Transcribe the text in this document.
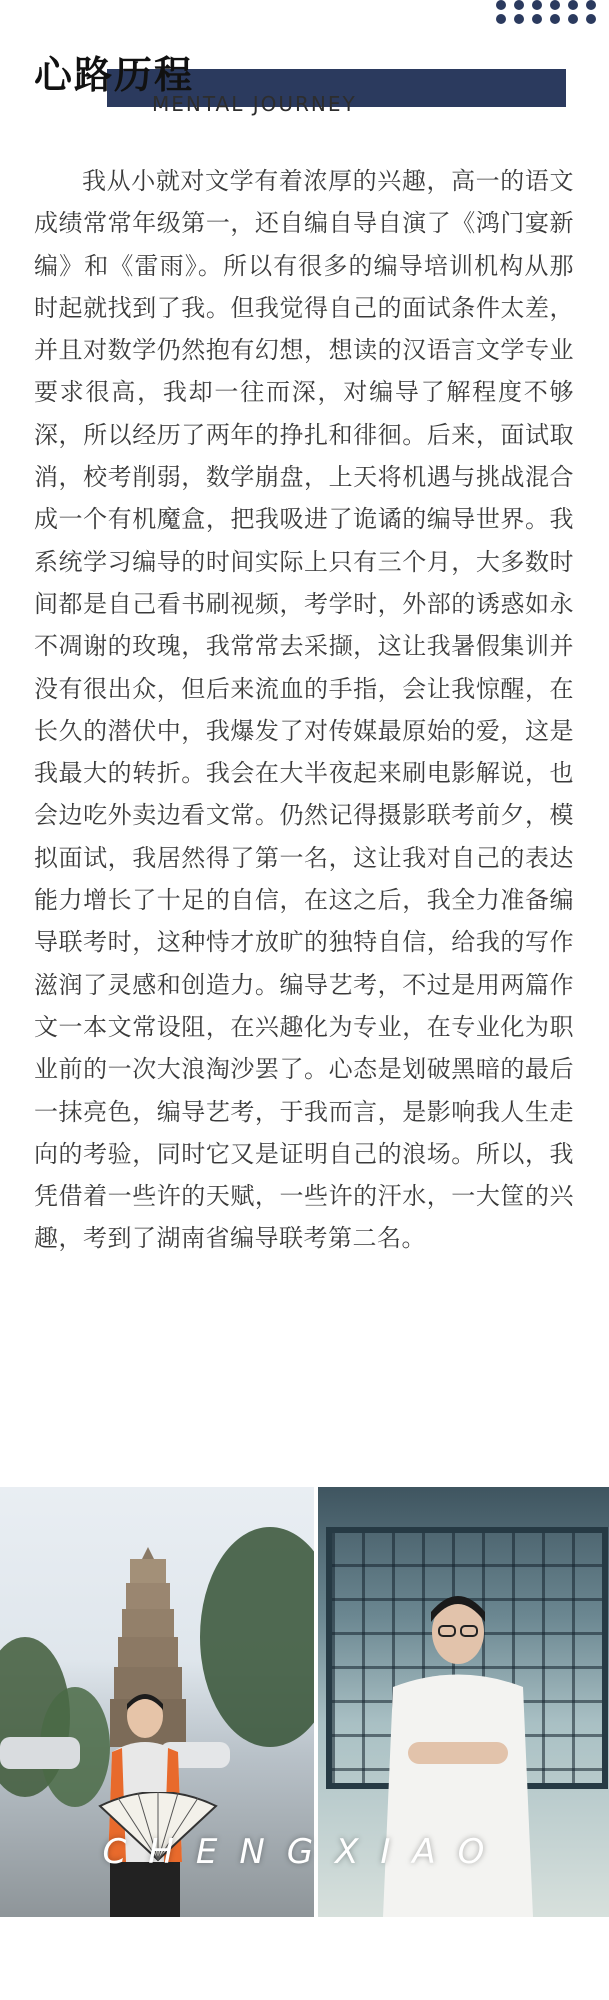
心路历程
MENTAL JOURNEY

我从小就对文学有着浓厚的兴趣，高一的语文成绩常常年级第一，还自编自导自演了《鸿门宴新编》和《雷雨》。所以有很多的编导培训机构从那时起就找到了我。但我觉得自己的面试条件太差，并且对数学仍然抱有幻想，想读的汉语言文学专业要求很高，我却一往而深，对编导了解程度不够深，所以经历了两年的挣扎和徘徊。后来，面试取消，校考削弱，数学崩盘，上天将机遇与挑战混合成一个有机魔盒，把我吸进了诡谲的编导世界。我系统学习编导的时间实际上只有三个月，大多数时间都是自己看书刷视频，考学时，外部的诱惑如永不凋谢的玫瑰，我常常去采撷，这让我暑假集训并没有很出众，但后来流血的手指，会让我惊醒，在长久的潜伏中，我爆发了对传媒最原始的爱，这是我最大的转折。我会在大半夜起来刷电影解说，也会边吃外卖边看文常。仍然记得摄影联考前夕，模拟面试，我居然得了第一名，这让我对自己的表达能力增长了十足的自信，在这之后，我全力准备编导联考时，这种恃才放旷的独特自信，给我的写作滋润了灵感和创造力。编导艺考，不过是用两篇作文一本文常设阻，在兴趣化为专业，在专业化为职业前的一次大浪淘沙罢了。心态是划破黑暗的最后一抹亮色，编导艺考，于我而言，是影响我人生走向的考验，同时它又是证明自己的浪场。所以，我凭借着一些许的天赋，一些许的汗水，一大筐的兴趣，考到了湖南省编导联考第二名。

CHENGXIAO
